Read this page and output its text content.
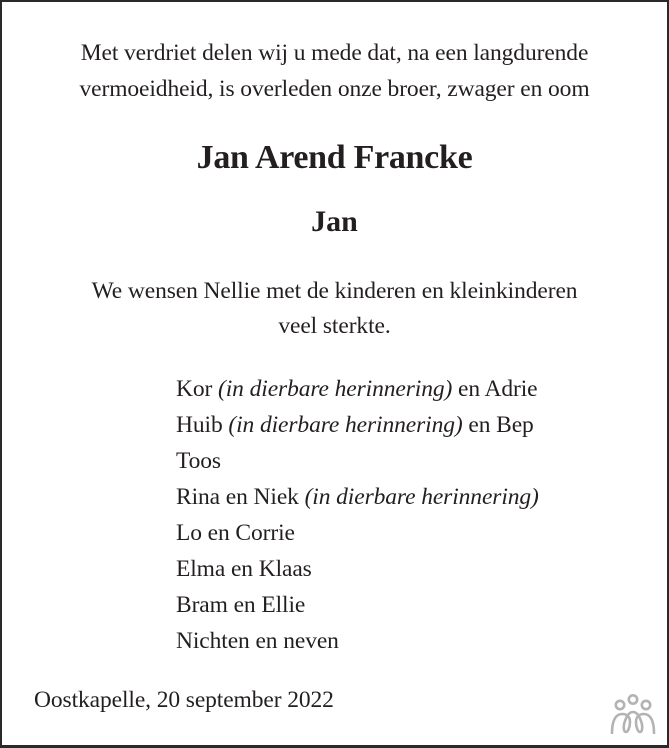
Met verdriet delen wij u mede dat, na een langdurende
vermoeidheid, is overleden onze broer, zwager en oom
Jan Arend Francke
Jan
We wensen Nellie met de kinderen en kleinkinderen
veel sterkte.
Kor (in dierbare herinnering) en Adrie
Huib (in dierbare herinnering) en Bep
Toos
Rina en Niek (in dierbare herinnering)
Lo en Corrie
Elma en Klaas
Bram en Ellie
Nichten en neven
Oostkapelle, 20 september 2022
